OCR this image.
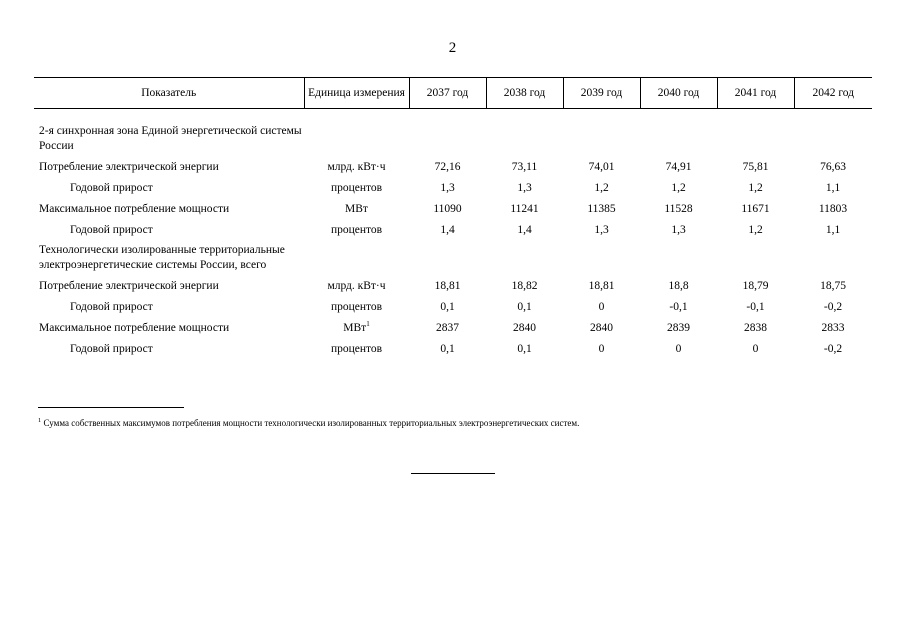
2
Показатель	Единица измерения	2037 год	2038 год	2039 год	2040 год	2041 год	2042 год

2-я синхронная зона Единой энергетической системы России							
Потребление электрической энергии	млрд. кВт·ч	72,16	73,11	74,01	74,91	75,81	76,63
Годовой прирост	процентов	1,3	1,3	1,2	1,2	1,2	1,1
Максимальное потребление мощности	МВт	11090	11241	11385	11528	11671	11803
Годовой прирост	процентов	1,4	1,4	1,3	1,3	1,2	1,1
Технологически изолированные территориальные электроэнергетические системы России, всего							
Потребление электрической энергии	млрд. кВт·ч	18,81	18,82	18,81	18,8	18,79	18,75
Годовой прирост	процентов	0,1	0,1	0	-0,1	-0,1	-0,2
Максимальное потребление мощности	МВт$^1$	2837	2840	2840	2839	2838	2833
Годовой прирост	процентов	0,1	0,1	0	0	0	-0,2
$^1$ Сумма собственных максимумов потребления мощности технологически изолированных территориальных электроэнергетических систем.
